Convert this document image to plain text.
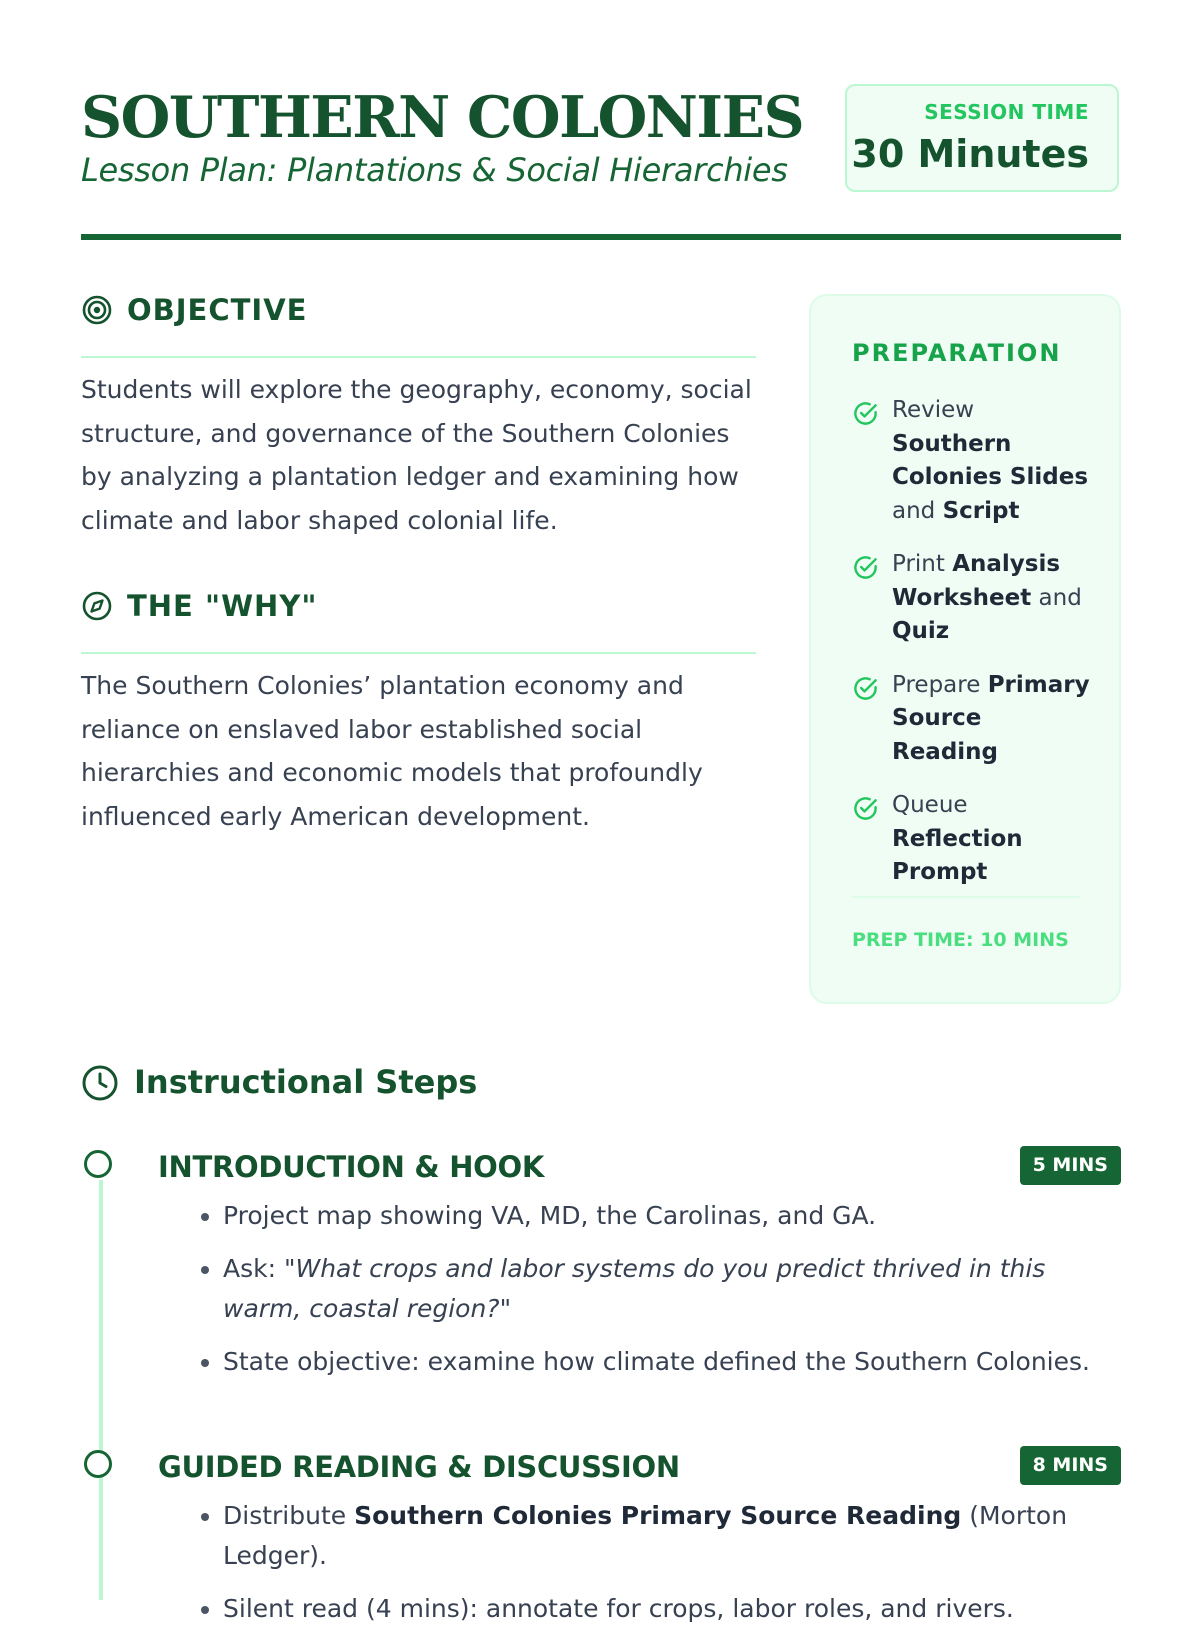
SOUTHERN COLONIES

Lesson Plan: Plantations & Social Hierarchies

SESSION TIME
30 Minutes
OBJECTIVE

Students will explore the geography, economy, social structure, and governance of the Southern Colonies by analyzing a plantation ledger and examining how climate and labor shaped colonial life.

THE "WHY"

The Southern Colonies’ plantation economy and reliance on enslaved labor established social hierarchies and economic models that profoundly influenced early American development.

PREPARATION
Review Southern Colonies Slides and Script
Print Analysis Worksheet and Quiz
Prepare Primary Source Reading
Queue Reflection Prompt
PREP TIME: 10 MINS
Instructional Steps
INTRODUCTION & HOOK	5 MINS
• Project map showing VA, MD, the Carolinas, and GA.
• Ask: "What crops and labor systems do you predict thrived in this warm, coastal region?"
• State objective: examine how climate defined the Southern Colonies.
GUIDED READING & DISCUSSION	8 MINS
• Distribute Southern Colonies Primary Source Reading (Morton Ledger).
• Silent read (4 mins): annotate for crops, labor roles, and rivers.
